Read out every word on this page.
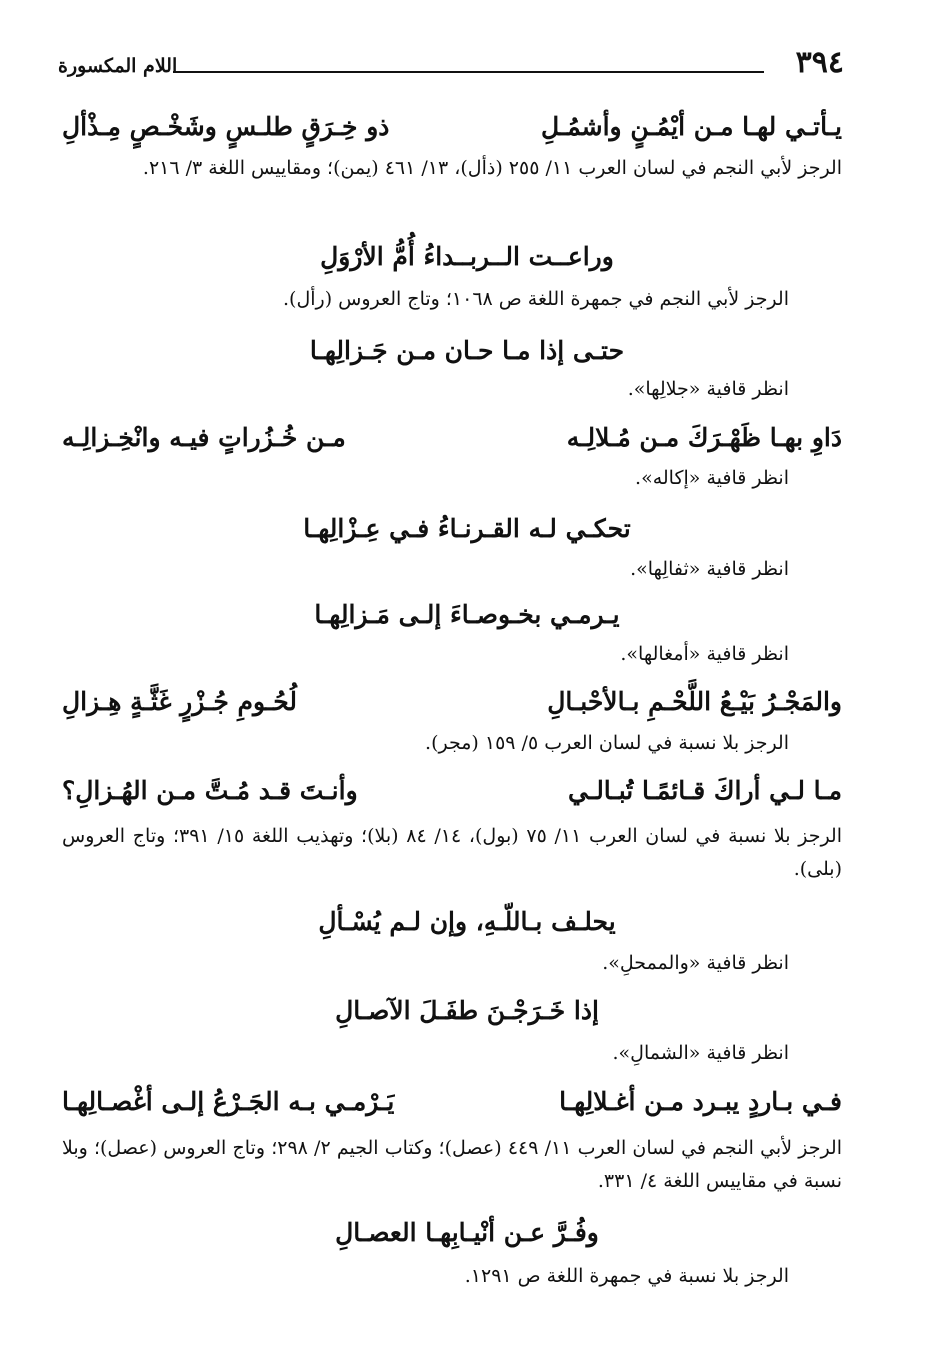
٣٩٤
اللام المكسورة
يـأتـي لهـا مـن أيْمُـنٍ وأشمُـلِ
ذو خِـرَقٍ طلـسٍ وشَخْـصٍ مِـذْألِ
الرجز لأبي النجم في لسان العرب ١١/ ٢٥٥ (ذأل)، ١٣/ ٤٦١ (يمن)؛ ومقاييس اللغة ٣/ ٢١٦.
وراعــت الــربــداءُ أُمُّ الأرْوَلِ
الرجز لأبي النجم في جمهرة اللغة ص ١٠٦٨؛ وتاج العروس (رأل).
حتـى إذا مـا حـان مـن جَـزالِهـا
انظر قافية «جلالِها».
دَاوِ بهـا ظَهْـرَكَ مـن مُـلالِـه
مـن خُـزُراتٍ فيـه وانْخِـزالِـه
انظر قافية «إكاله».
تحكـي لـه القـرنـاءُ فـي عِـزْالِهـا
انظر قافية «ثفالِها».
يـرمـي بخـوصـاءَ إلـى مَـزالِهـا
انظر قافية «أمغالها».
والمَجْـرُ بَيْـعُ اللَّحْـمِ بـالأحْبـالِ
لُحُـومِ جُـزْرٍ غَثَّـةٍ هِـزالِ
الرجز بلا نسبة في لسان العرب ٥/ ١٥٩ (مجر).
مـا لـي أراكَ قـائمًـا تُبـالـي
وأنـتَ قـد مُـتَّ مـن الهُـزالِ؟
الرجز بلا نسبة في لسان العرب ١١/ ٧٥ (بول)، ١٤/ ٨٤ (بلا)؛ وتهذيب اللغة ١٥/ ٣٩١؛ وتاج العروس (بلى).
يحلـف بـاللّـهِ، وإن لـم يُسْـألِ
انظر قافية «والممحلِ».
إذا خَـرَجْـنَ طفَـلَ الآصـالِ
انظر قافية «الشمالِ».
فـي بـاردٍ يبـرد مـن أغـلالِهـا
يَـرْمـي بـه الجَـرْعُ إلـى أغْصـالِهـا
الرجز لأبي النجم في لسان العرب ١١/ ٤٤٩ (عصل)؛ وكتاب الجيم ٢/ ٢٩٨؛ وتاج العروس (عصل)؛ وبلا نسبة في مقاييس اللغة ٤/ ٣٣١.
وفُـرَّ عـن أنْيـابِهـا العصـالِ
الرجز بلا نسبة في جمهرة اللغة ص ١٢٩١.
